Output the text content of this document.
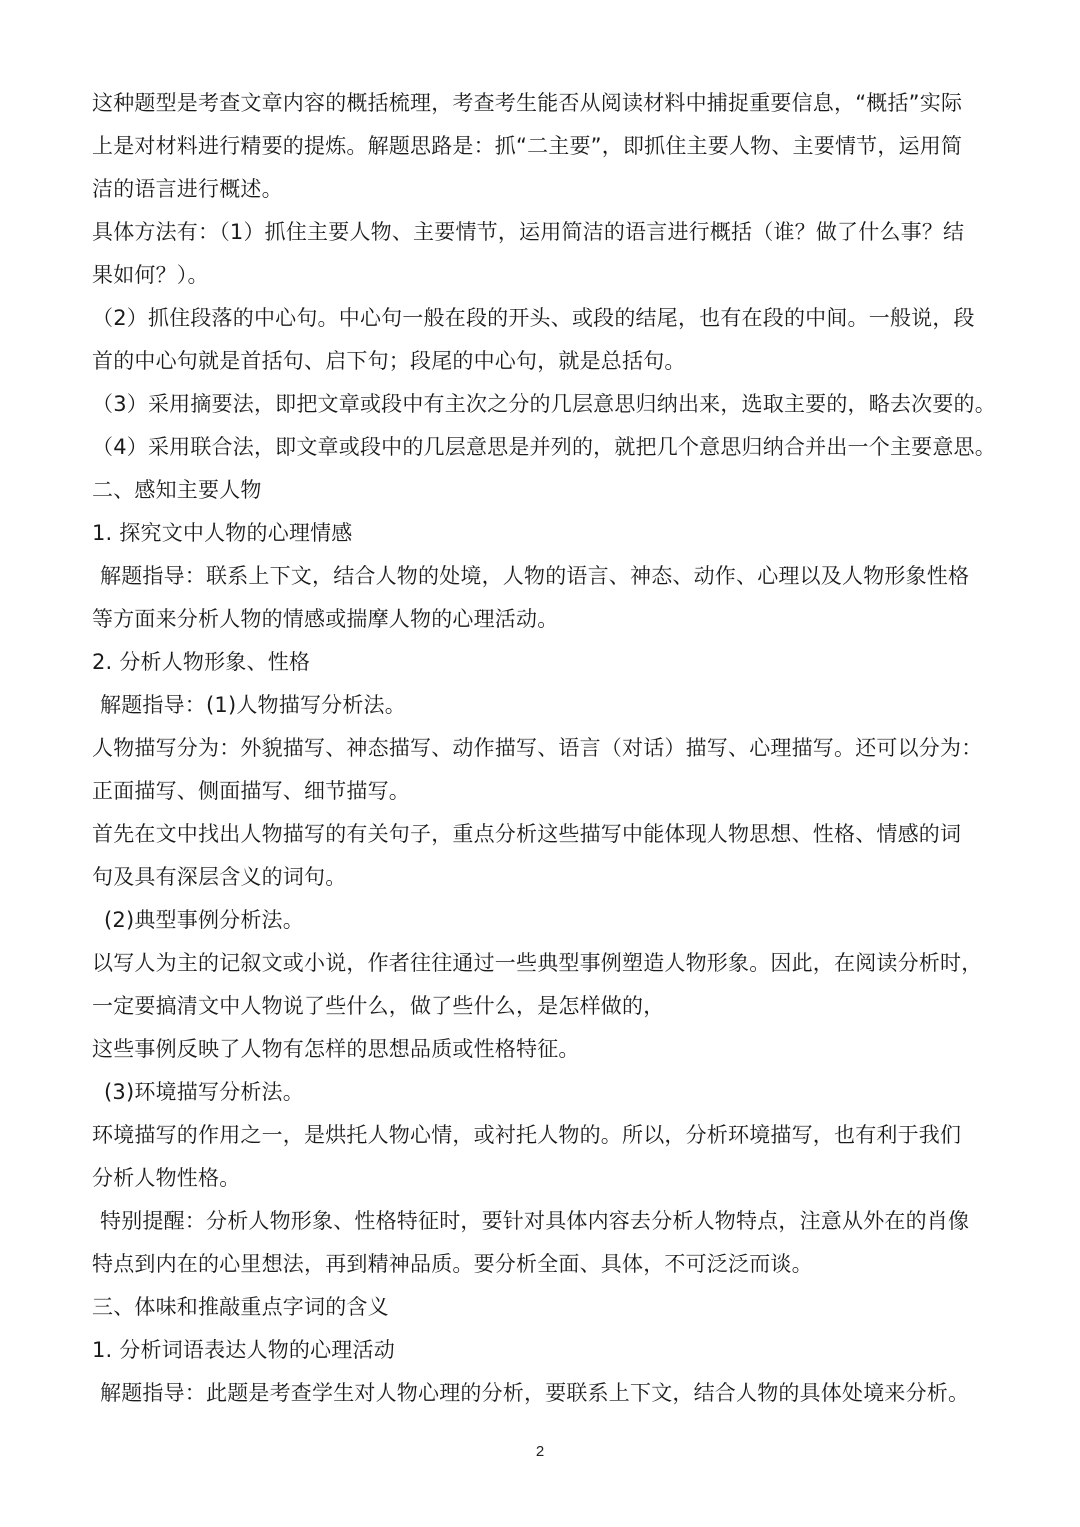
这种题型是考查文章内容的概括梳理，考查考生能否从阅读材料中捕捉重要信息，“概括”实际
上是对材料进行精要的提炼。解题思路是：抓“二主要”，即抓住主要人物、主要情节，运用简
洁的语言进行概述。
具体方法有：（1）抓住主要人物、主要情节，运用简洁的语言进行概括（谁？做了什么事？结
果如何？）。
（2）抓住段落的中心句。中心句一般在段的开头、或段的结尾，也有在段的中间。一般说，段
首的中心句就是首括句、启下句；段尾的中心句，就是总括句。
（3）采用摘要法，即把文章或段中有主次之分的几层意思归纳出来，选取主要的，略去次要的。
（4）采用联合法，即文章或段中的几层意思是并列的，就把几个意思归纳合并出一个主要意思。
二、感知主要人物
1. 探究文中人物的心理情感
解题指导：联系上下文，结合人物的处境，人物的语言、神态、动作、心理以及人物形象性格
等方面来分析人物的情感或揣摩人物的心理活动。
2. 分析人物形象、性格
解题指导：(1)人物描写分析法。
人物描写分为：外貌描写、神态描写、动作描写、语言（对话）描写、心理描写。还可以分为：
正面描写、侧面描写、细节描写。
首先在文中找出人物描写的有关句子，重点分析这些描写中能体现人物思想、性格、情感的词
句及具有深层含义的词句。
(2)典型事例分析法。
以写人为主的记叙文或小说，作者往往通过一些典型事例塑造人物形象。因此，在阅读分析时，
一定要搞清文中人物说了些什么，做了些什么，是怎样做的，
这些事例反映了人物有怎样的思想品质或性格特征。
(3)环境描写分析法。
环境描写的作用之一，是烘托人物心情，或衬托人物的。所以，分析环境描写，也有利于我们
分析人物性格。
特别提醒：分析人物形象、性格特征时，要针对具体内容去分析人物特点，注意从外在的肖像
特点到内在的心里想法，再到精神品质。要分析全面、具体，不可泛泛而谈。
三、体味和推敲重点字词的含义
1. 分析词语表达人物的心理活动
解题指导：此题是考查学生对人物心理的分析，要联系上下文，结合人物的具体处境来分析。
2
